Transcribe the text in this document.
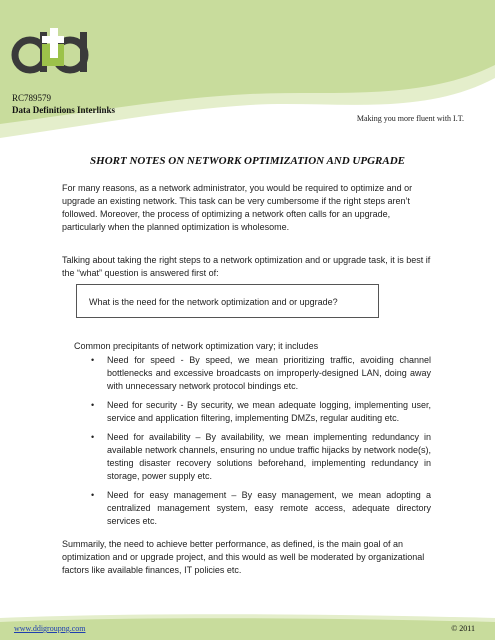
RC789579
Data Definitions Interlinks
Making you more fluent with I.T.
SHORT NOTES ON NETWORK OPTIMIZATION AND UPGRADE

For many reasons, as a network administrator, you would be required to optimize and or upgrade an existing network. This task can be very cumbersome if the right steps aren’t followed. Moreover, the process of optimizing a network often calls for an upgrade, particularly when the planned optimization is wholesome.

Talking about taking the right steps to a network optimization and or upgrade task, it is best if the “what” question is answered first of:

What is the need for the network optimization and or upgrade?
Common precipitants of network optimization vary; it includes
• Need for speed - By speed, we mean prioritizing traffic, avoiding channel bottlenecks and excessive broadcasts on improperly-designed LAN, doing away with unnecessary network protocol bindings etc.
• Need for security - By security, we mean adequate logging, implementing user, service and application filtering, implementing DMZs, regular auditing etc.
• Need for availability – By availability, we mean implementing redundancy in available network channels, ensuring no undue traffic hijacks by network node(s), testing disaster recovery solutions beforehand, implementing redundancy in storage, power supply etc.
• Need for easy management – By easy management, we mean adopting a centralized management system, easy remote access, adequate directory services etc.

Summarily, the need to achieve better performance, as defined, is the main goal of an optimization and or upgrade project, and this would as well be moderated by organizational factors like available finances, IT policies etc.

www.ddigroupng.com	© 2011
